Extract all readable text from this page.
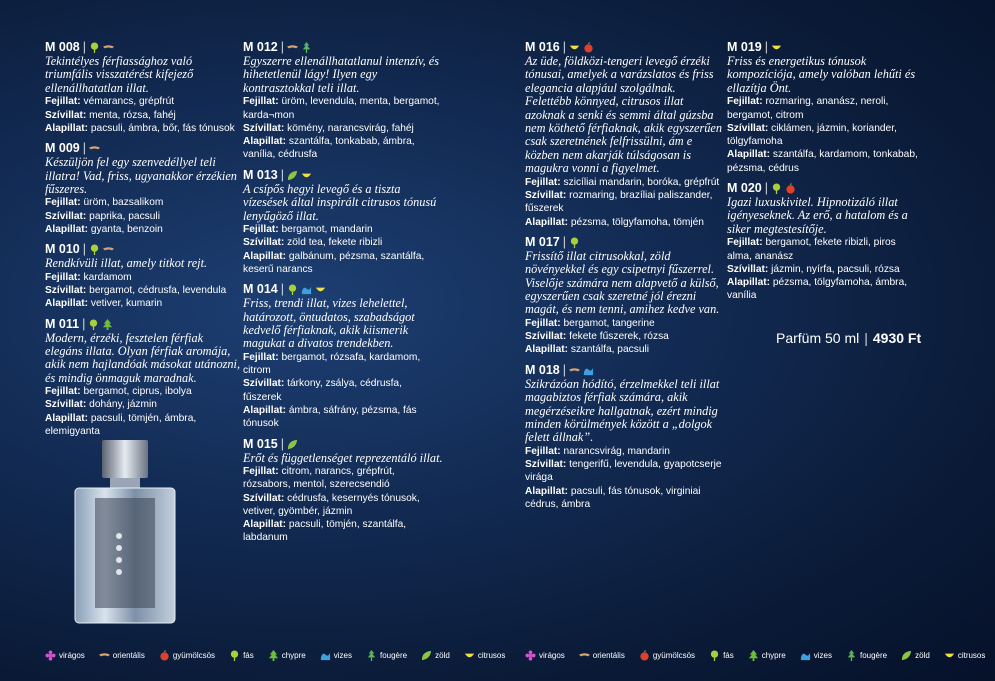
M 008 |
Tekintélyes férfiassághoz való triumfális visszatérést kifejező ellenállhatatlan illat.
Fejillat: vémarancs, grépfrút
Szívillat: menta, rózsa, fahéj
Alapillat: pacsuli, ámbra, bőr, fás tónusok
M 009 |
Készüljön fel egy szenvedéllyel teli illatra! Vad, friss, ugyanakkor érzékien fűszeres.
Fejillat: üröm, bazsalikom
Szívillat: paprika, pacsuli
Alapillat: gyanta, benzoin
M 010 |
Rendkívüli illat, amely titkot rejt.
Fejillat: kardamom
Szívillat: bergamot, cédrusfa, levendula
Alapillat: vetiver, kumarin
M 011 |
Modern, érzéki, fesztelen férfiak elegáns illata. Olyan férfiak aromája, akik nem hajlandóak másokat utánozni, és mindig önmaguk maradnak.
Fejillat: bergamot, ciprus, ibolya
Szívillat: dohány, jázmin
Alapillat: pacsuli, tömjén, ámbra, elemigyanta
M 012 |
Egyszerre ellenállhatatlanul intenzív, és hihetetlenül lágy! Ilyen egy kontrasztokkal teli illat.
Fejillat: üröm, levendula, menta, bergamot, karda¬mon
Szívillat: kömény, narancsvirág, fahéj
Alapillat: szantálfa, tonkabab, ámbra, vanília, cédrusfa
M 013 |
A csípős hegyi levegő és a tiszta vízesések által inspirált citrusos tónusú lenyűgöző illat.
Fejillat: bergamot, mandarin
Szívillat: zöld tea, fekete ribizli
Alapillat: galbánum, pézsma, szantálfa, keserű narancs
M 014 |
Friss, trendi illat, vizes lehelettel, határozott, öntudatos, szabadságot kedvelő férfiaknak, akik kiismerik magukat a divatos trendekben.
Fejillat: bergamot, rózsafa, kardamom, citrom
Szívillat: tárkony, zsálya, cédrusfa, fűszerek
Alapillat: ámbra, sáfrány, pézsma, fás tónusok
M 015 |
Erőt és függetlenséget reprezentáló illat.
Fejillat: citrom, narancs, grépfrút, rózsabors, mentol, szerecsendió
Szívillat: cédrusfa, kesernyés tónusok, vetiver, gyömbér, jázmin
Alapillat: pacsuli, tömjén, szantálfa, labdanum
M 016 |
Az üde, földközi-tengeri levegő érzéki tónusai, amelyek a varázslatos és friss elegancia alapjául szolgálnak. Felettébb könnyed, citrusos illat azoknak a senki és semmi által gúzsba nem köthető férfiaknak, akik egyszerűen csak szeretnének felfrissülni, ám e közben nem akarják túlságosan is magukra vonni a figyelmet.
Fejillat: szicíliai mandarin, boróka, grépfrút
Szívillat: rozmaring, brazíliai paliszander, fűszerek
Alapillat: pézsma, tölgyfamoha, tömjén
M 017 |
Frissítő illat citrusokkal, zöld növényekkel és egy csipetnyi fűszerrel. Viselője számára nem alapvető a külső, egyszerűen csak szeretné jól érezni magát, és nem tenni, amihez kedve van.
Fejillat: bergamot, tangerine
Szívillat: fekete fűszerek, rózsa
Alapillat: szantálfa, pacsuli
M 018 |
Szikrázóan hódító, érzelmekkel teli illat magabiztos férfiak számára, akik megérzéseikre hallgatnak, ezért mindig minden körülmények között a „dolgok felett állnak”.
Fejillat: narancsvirág, mandarin
Szívillat: tengerifű, levendula, gyapotcserje virága
Alapillat: pacsuli, fás tónusok, virginiai cédrus, ámbra
M 019 |
Friss és energetikus tónusok kompozíciója, amely valóban lehűti és ellazítja Önt.
Fejillat: rozmaring, ananász, neroli, bergamot, citrom
Szívillat: ciklámen, jázmin, koriander, tölgyfamoha
Alapillat: szantálfa, kardamom, tonkabab, pézsma, cédrus
M 020 |
Igazi luxuskivitel. Hipnotizáló illat igényeseknek. Az erő, a hatalom és a siker megtestesítője.
Fejillat: bergamot, fekete ribizli, piros alma, ananász
Szívillat: jázmin, nyírfa, pacsuli, rózsa
Alapillat: pézsma, tölgyfamoha, ámbra, vanília
Parfüm 50 ml | 4930 Ft
virágos	orientális	gyümölcsös	fás	chypre	vizes	fougère	zöld	citrusos	virágos	orientális	gyümölcsös	fás	chypre	vizes	fougère	zöld	citrusos
